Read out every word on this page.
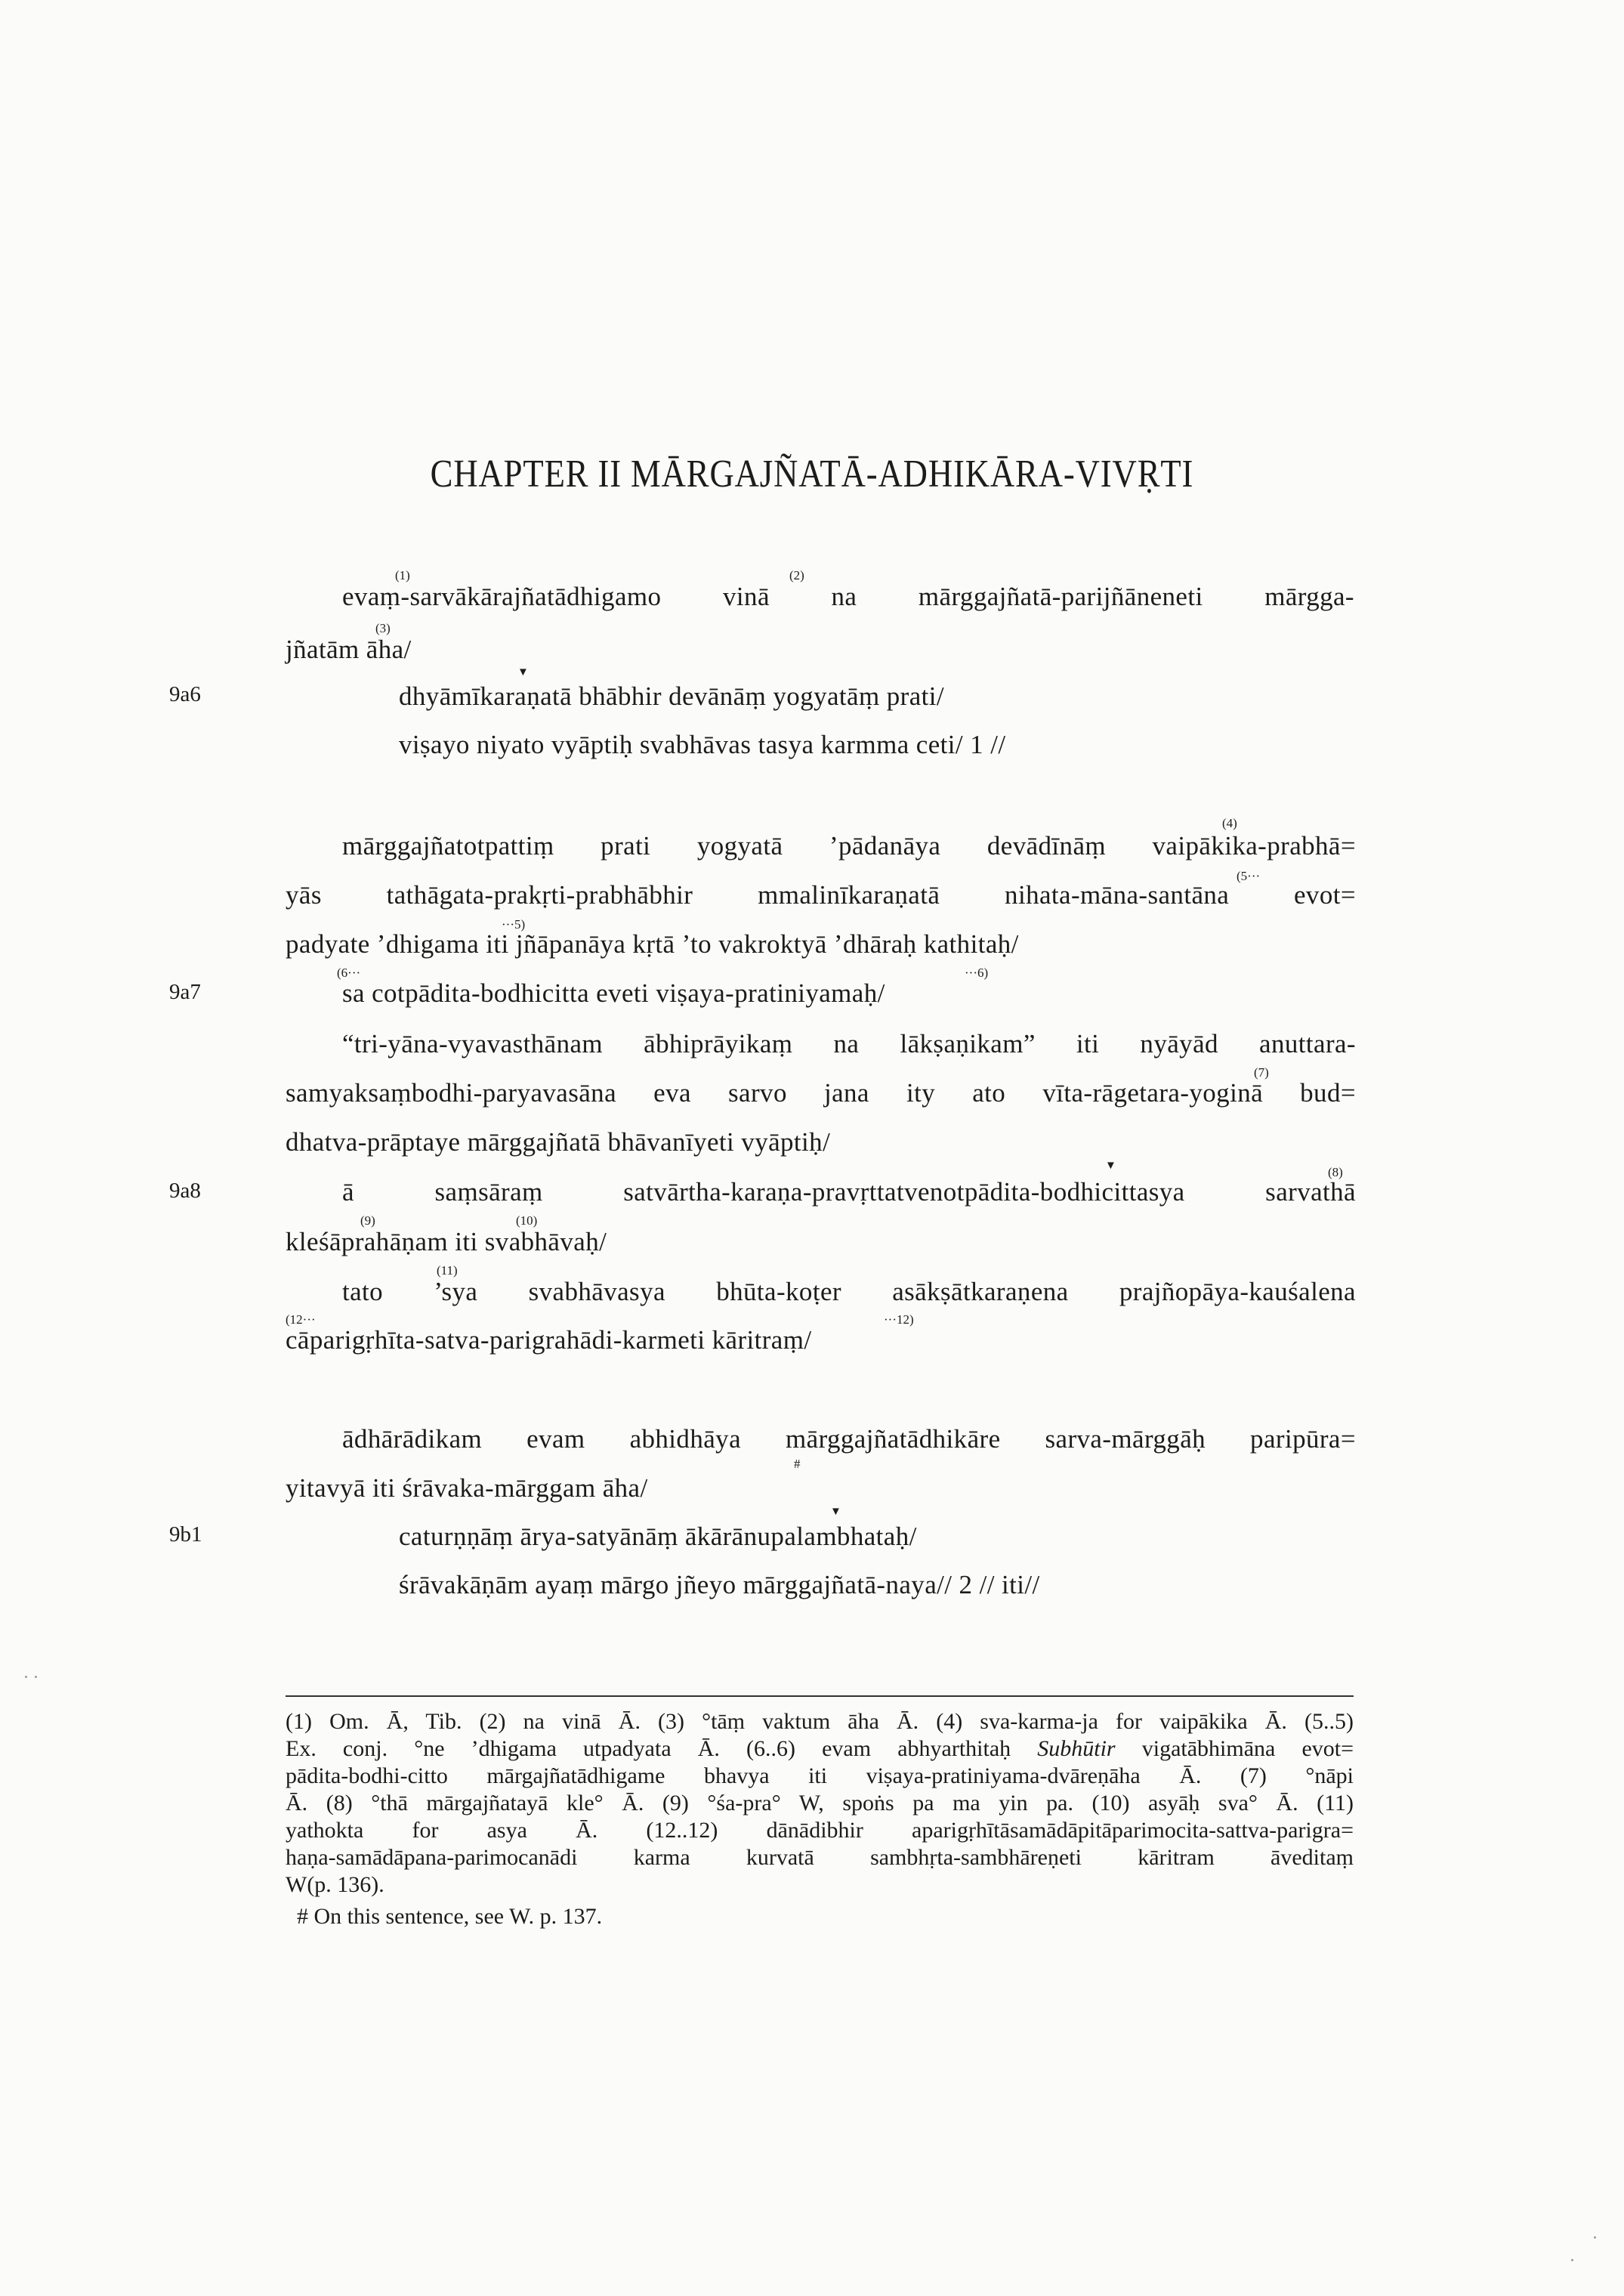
CHAPTER II MĀRGAJÑATĀ-ADHIKĀRA-VIVṚTI
(1)	(2)
evaṃ-sarvākārajñatādhigamo vinā na mārggajñatā-parijñāneneti mārgga-
(3)
jñatām āha/
▼
9a6	dhyāmīkaraṇatā bhābhir devānāṃ yogyatāṃ prati/
viṣayo niyato vyāptiḥ svabhāvas tasya karmma ceti/ 1 //
(4)
mārggajñatotpattiṃ prati yogyatā ’pādanāya devādīnāṃ vaipākika-prabhā=
(5···
yās tathāgata-prakṛti-prabhābhir mmalinīkaraṇatā nihata-māna-santāna evot=
···5)
padyate ’dhigama iti jñāpanāya kṛtā ’to vakroktyā ’dhāraḥ kathitaḥ/
(6···	···6)
9a7	sa cotpādita-bodhicitta eveti viṣaya-pratiniyamaḥ/
“tri-yāna-vyavasthānam ābhiprāyikaṃ na lākṣaṇikam” iti nyāyād anuttara-
(7)
samyaksaṃbodhi-paryavasāna eva sarvo jana ity ato vīta-rāgetara-yoginā bud=
dhatva-prāptaye mārggajñatā bhāvanīyeti vyāptiḥ/
▼	(8)
9a8	ā saṃsāraṃ satvārtha-karaṇa-pravṛttatvenotpādita-bodhicittasya sarvathā
(9)	(10)
kleśāprahāṇam iti svabhāvaḥ/
(11)
tato ’sya svabhāvasya bhūta-koṭer asākṣātkaraṇena prajñopāya-kauśalena
(12···	···12)
cāparigṛhīta-satva-parigrahādi-karmeti kāritraṃ/
ādhārādikam evam abhidhāya mārggajñatādhikāre sarva-mārggāḥ paripūra=
#
yitavyā iti śrāvaka-mārggam āha/
▼
9b1	caturṇṇāṃ ārya-satyānāṃ ākārānupalambhataḥ/
śrāvakāṇām ayaṃ mārgo jñeyo mārggajñatā-naya// 2 // iti//
(1) Om. Ā, Tib. (2) na vinā Ā. (3) °tāṃ vaktum āha Ā. (4) sva-karma-ja for vaipākika Ā. (5..5)
Ex. conj. °ne ’dhigama utpadyata Ā. (6..6) evam abhyarthitaḥ Subhūtir vigatābhimāna evot=
pādita-bodhi-citto mārgajñatādhigame bhavya iti viṣaya-pratiniyama-dvāreṇāha Ā. (7) °nāpi
Ā. (8) °thā mārgajñatayā kle° Ā. (9) °śa-pra° W, spoṅs pa ma yin pa. (10) asyāḥ sva° Ā. (11)
yathokta for asya Ā. (12..12) dānādibhir aparigṛhītāsamādāpitāparimocita-sattva-parigra=
haṇa-samādāpana-parimocanādi karma kurvatā sambhṛta-sambhāreṇeti kāritram āveditaṃ
W(p. 136).
# On this sentence, see W. p. 137.
